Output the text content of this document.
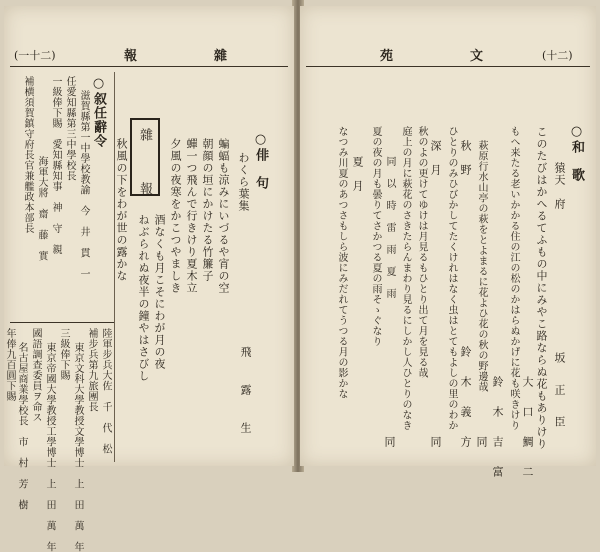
(一十二)	報　　　　　雜
雜　報	○俳　句
わくら葉集
飛　露　生
蝙蝠も涼みにいづるや宵の空
朝顔の垣にかけたる竹簾子
蟬一つ飛んで行きけり夏木立
夕風の夜寒をかこつやましき
酒なくも月こそにわが月の夜
ねぶられぬ夜半の鐘やはさびし
秋風の下をわが世の露かな
○叙任辭令
滋賀縣第一中學校教諭　今　井　貫　一
任愛知縣第三中學校長
一級俸下賜　愛知縣知事　神　守　親
海軍大將　齋　藤　實
補横須賀鎮守府長官兼艦政本部長
陸軍步兵大佐　千　代　松
補步兵第九旅團長
東京文科大學教授文學博士　上　田　萬　年
三級俸下賜
東京帝國大學教授工學博士　上　田　萬　年
國語調查委員ヲ命ス
名古屋商業學校長　市　村　芳　樹
年俸九百圓下賜
苑　　　　　文	(十二)
○和　歌
猿天　府
坂　正　臣
このたびはかへるてふもの中にみやこ路ならぬ花もありけり
大　口　鯛　二
もへ来たる老いかかる住の江の松のかはらぬかげに花も咲きけり
鈴　木　吉　富
萩原行水山亭の萩をとよまるに花よひ花の秋の野邊哉
同
秋　野
ひとりのみひびかしてたくけれはなく虫はとてもよしの里のわか 鈴　木　義　方
深　月
秋のよの更けてゆけは月見るもひとり出て月を見る哉
同
庭上の月に萩花のさきたらんまわり見るにしかし人ひとりのなき
同 以 時 雷 雨 夏 雨
夏の夜の月も曇りてさかつる夏の雨そゝぐなり
同
夏　月
なつみ川夏のあつさもしら波にみだれてうつる月の影かな
